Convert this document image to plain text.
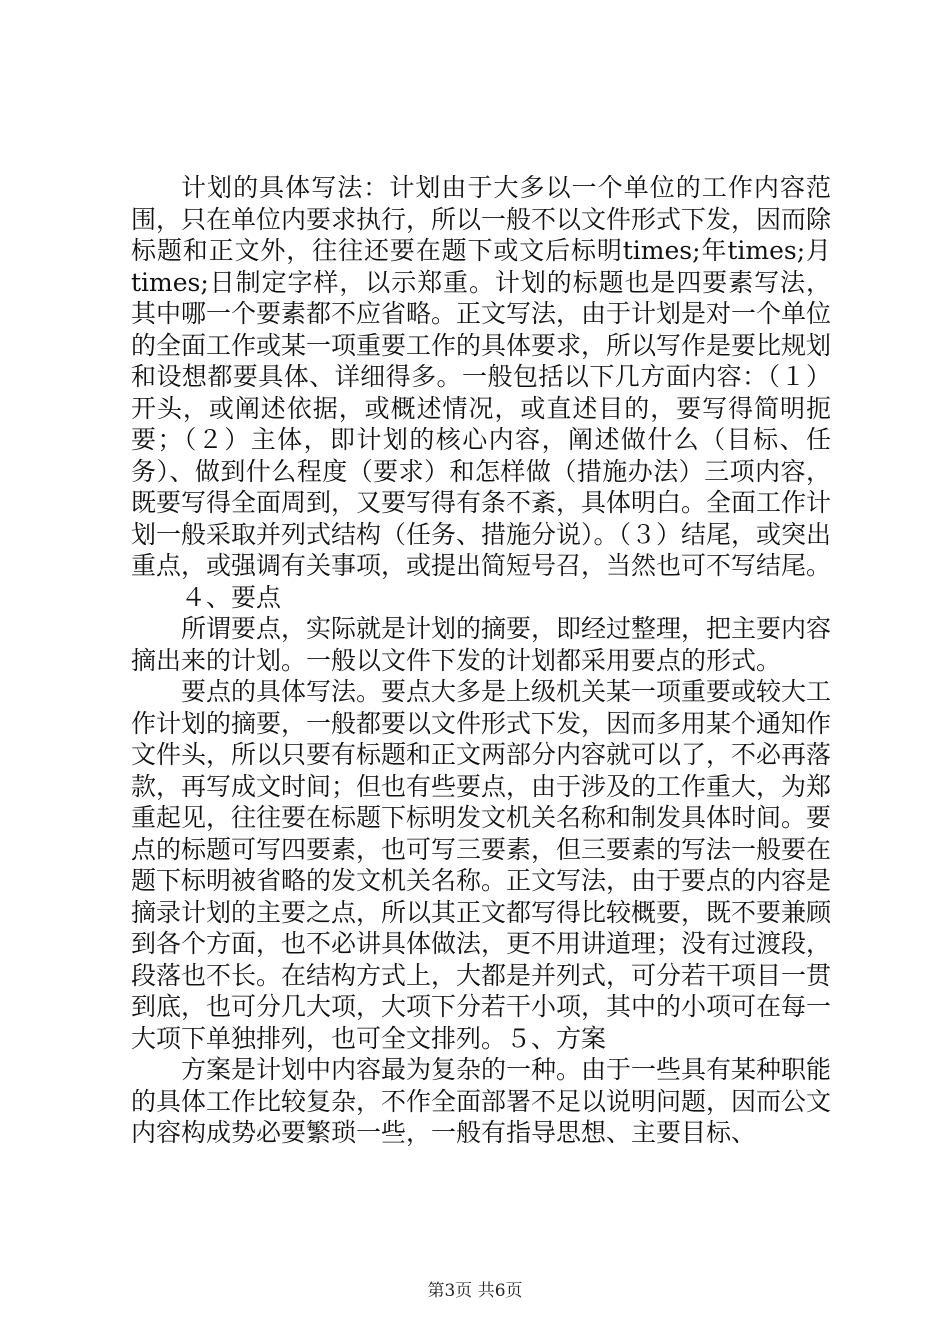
计划的具体写法：计划由于大多以一个单位的工作内容范围，只在单位内要求执行，所以一般不以文件形式下发，因而除标题和正文外，往往还要在题下或文后标明times;年times;月times;日制定字样，以示郑重。计划的标题也是四要素写法，其中哪一个要素都不应省略。正文写法，由于计划是对一个单位的全面工作或某一项重要工作的具体要求，所以写作是要比规划和设想都要具体、详细得多。一般包括以下几方面内容：（１）开头，或阐述依据，或概述情况，或直述目的，要写得简明扼要；（２）主体，即计划的核心内容，阐述做什么（目标、任务）、做到什么程度（要求）和怎样做（措施办法）三项内容，既要写得全面周到，又要写得有条不紊，具体明白。全面工作计划一般采取并列式结构（任务、措施分说）。（３）结尾，或突出重点，或强调有关事项，或提出简短号召，当然也可不写结尾。

４、要点

所谓要点，实际就是计划的摘要，即经过整理，把主要内容摘出来的计划。一般以文件下发的计划都采用要点的形式。

要点的具体写法。要点大多是上级机关某一项重要或较大工作计划的摘要，一般都要以文件形式下发，因而多用某个通知作文件头，所以只要有标题和正文两部分内容就可以了，不必再落款，再写成文时间；但也有些要点，由于涉及的工作重大，为郑重起见，往往要在标题下标明发文机关名称和制发具体时间。要点的标题可写四要素，也可写三要素，但三要素的写法一般要在题下标明被省略的发文机关名称。正文写法，由于要点的内容是摘录计划的主要之点，所以其正文都写得比较概要，既不要兼顾到各个方面，也不必讲具体做法，更不用讲道理；没有过渡段，段落也不长。在结构方式上，大都是并列式，可分若干项目一贯到底，也可分几大项，大项下分若干小项，其中的小项可在每一大项下单独排列，也可全文排列。５、方案

方案是计划中内容最为复杂的一种。由于一些具有某种职能的具体工作比较复杂，不作全面部署不足以说明问题，因而公文内容构成势必要繁琐一些，一般有指导思想、主要目标、

第3页 共6页
